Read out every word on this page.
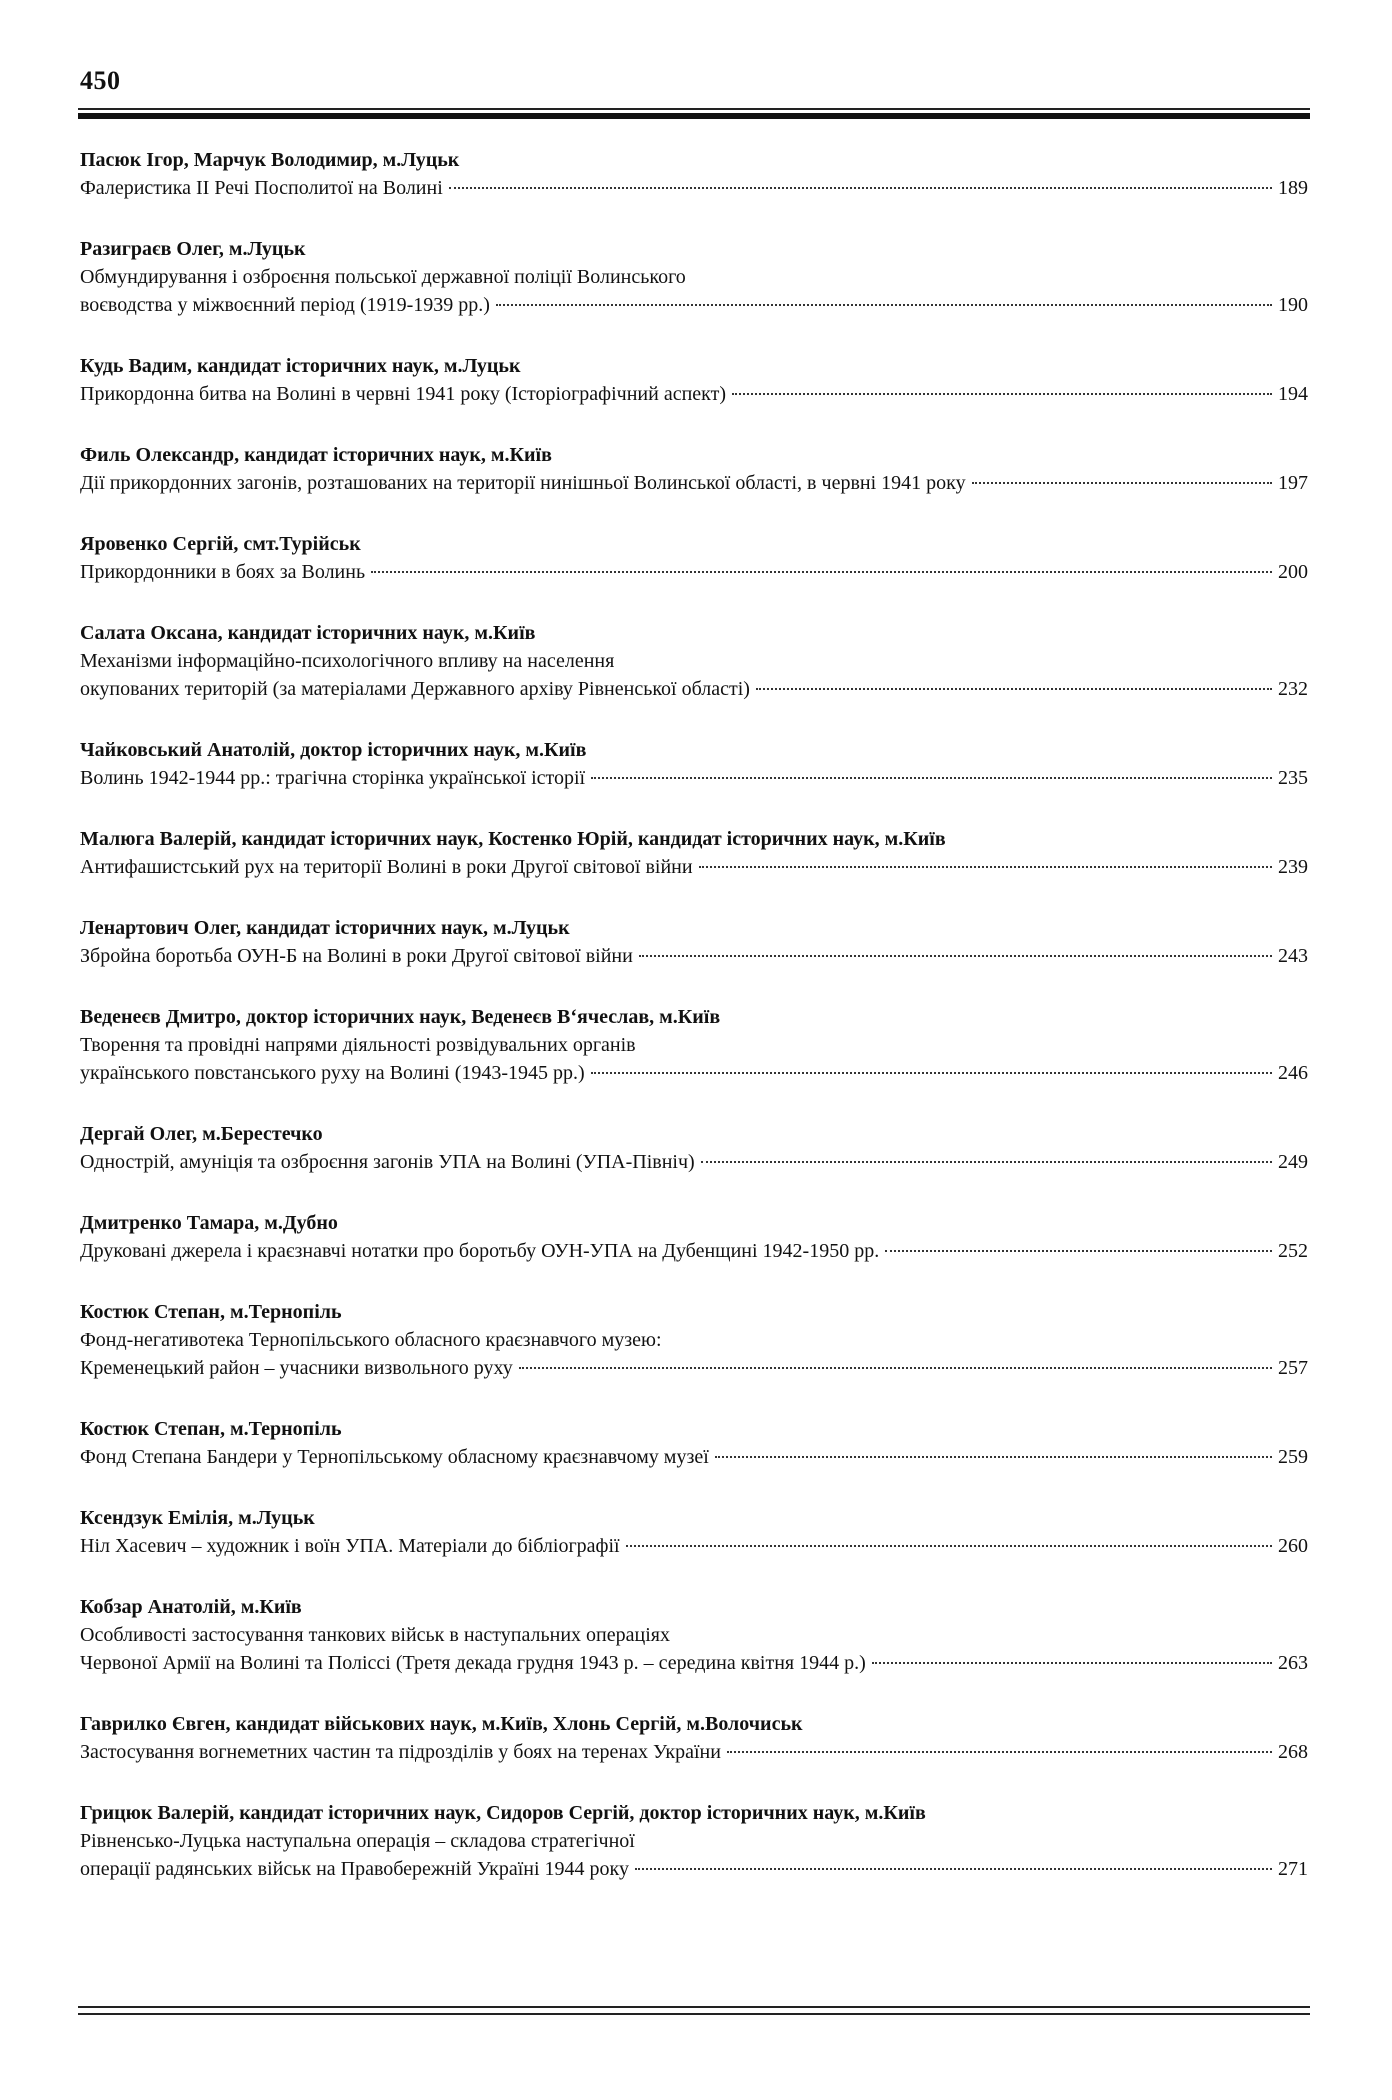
450
Пасюк Ігор, Марчук Володимир, м.Луцьк
Фалеристика ІІ Речі Посполитої на Волині	189
Разиграєв Олег, м.Луцьк
Обмундирування і озброєння польської державної поліції Волинського
воєводства у міжвоєнний період (1919-1939 рр.)	190
Кудь Вадим, кандидат історичних наук, м.Луцьк
Прикордонна битва на Волині в червні 1941 року (Історіографічний аспект)	194
Филь Олександр, кандидат історичних наук, м.Київ
Дії прикордонних загонів, розташованих на території нинішньої Волинської області, в червні 1941 року	197
Яровенко Сергій, смт.Турійськ
Прикордонники в боях за Волинь	200
Салата Оксана, кандидат історичних наук, м.Київ
Механізми інформаційно-психологічного впливу на населення
окупованих територій (за матеріалами Державного архіву Рівненської області)	232
Чайковський Анатолій, доктор історичних наук, м.Київ
Волинь 1942-1944 рр.: трагічна сторінка української історії	235
Малюга Валерій, кандидат історичних наук, Костенко Юрій, кандидат історичних наук, м.Київ
Антифашистський рух на території Волині в роки Другої світової війни	239
Ленартович Олег, кандидат історичних наук, м.Луцьк
Збройна боротьба ОУН-Б на Волині в роки Другої світової війни	243
Веденеєв Дмитро, доктор історичних наук, Веденеєв В‘ячеслав, м.Київ
Творення та провідні напрями діяльності розвідувальних органів
українського повстанського руху на Волині (1943-1945 рр.)	246
Дергай Олег, м.Берестечко
Однострій, амуніція та озброєння загонів УПА на Волині (УПА-Північ)	249
Дмитренко Тамара, м.Дубно
Друковані джерела і краєзнавчі нотатки про боротьбу ОУН-УПА на Дубенщині 1942-1950 рр.	252
Костюк Степан, м.Тернопіль
Фонд-негативотека Тернопільського обласного краєзнавчого музею:
Кременецький район – учасники визвольного руху	257
Костюк Степан, м.Тернопіль
Фонд Степана Бандери у Тернопільському обласному краєзнавчому музеї	259
Ксендзук Емілія, м.Луцьк
Ніл Хасевич – художник і воїн УПА. Матеріали до бібліографії	260
Кобзар Анатолій, м.Київ
Особливості застосування танкових військ в наступальних операціях
Червоної Армії на Волині та Поліссі (Третя декада грудня 1943 р. – середина квітня 1944 р.)	263
Гаврилко Євген, кандидат військових наук, м.Київ, Хлонь Сергій, м.Волочиськ
Застосування вогнеметних частин та підрозділів у боях на теренах України	268
Грицюк Валерій, кандидат історичних наук, Сидоров Сергій, доктор історичних наук, м.Київ
Рівненсько-Луцька наступальна операція – складова стратегічної
операції радянських військ на Правобережній Україні 1944 року	271
